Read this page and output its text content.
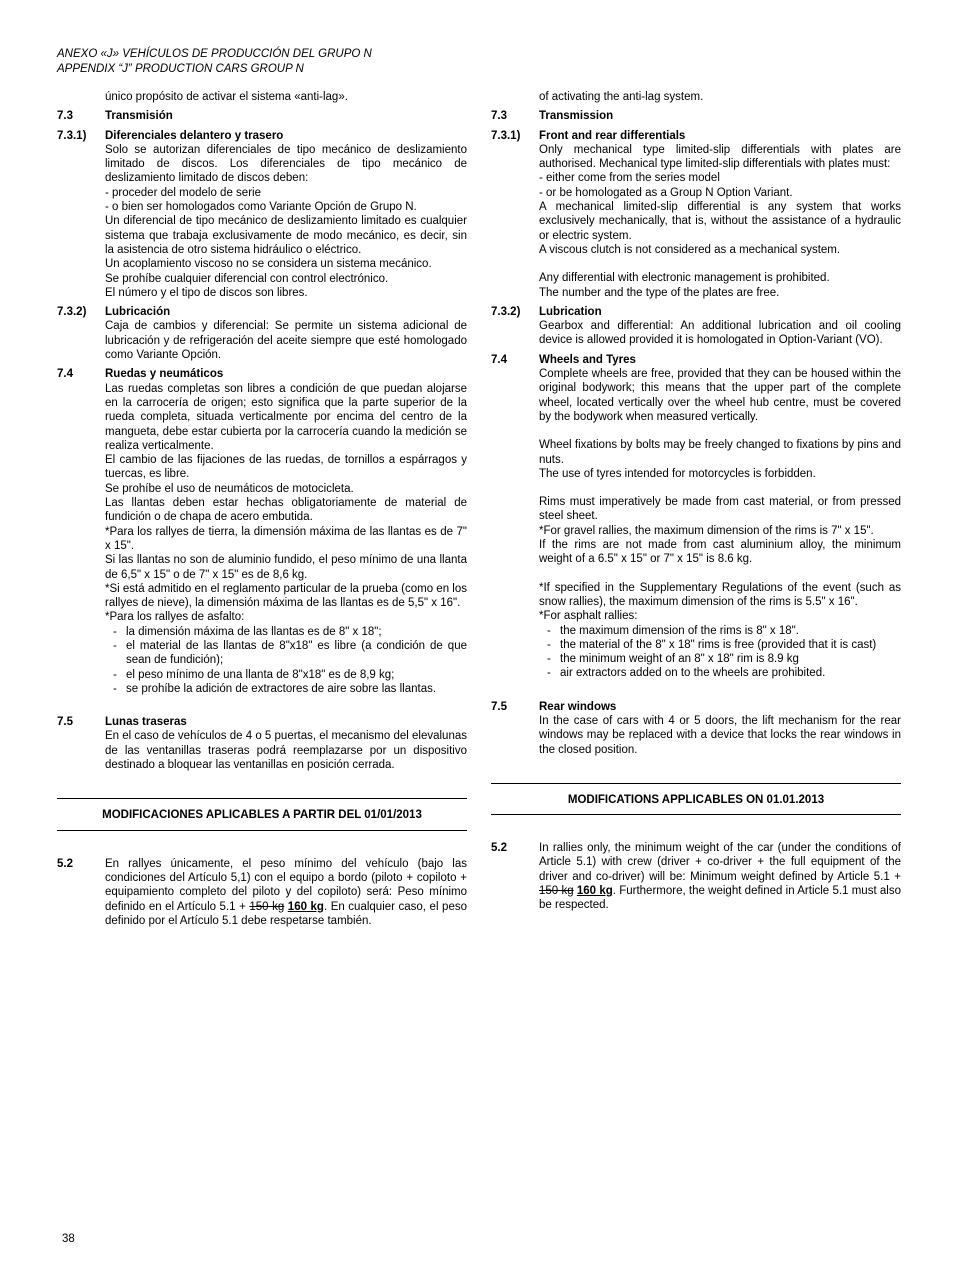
ANEXO «J» VEHÍCULOS DE PRODUCCIÓN DEL GRUPO N
APPENDIX “J” PRODUCTION CARS GROUP N
único propósito de activar el sistema «anti-lag».
7.3	Transmisión
7.3.1)	Diferenciales delantero y trasero
Solo se autorizan diferenciales de tipo mecánico de deslizamiento limitado de discos. Los diferenciales de tipo mecánico de deslizamiento limitado de discos deben:
- proceder del modelo de serie
- o bien ser homologados como Variante Opción de Grupo N.
Un diferencial de tipo mecánico de deslizamiento limitado es cualquier sistema que trabaja exclusivamente de modo mecánico, es decir, sin la asistencia de otro sistema hidráulico o eléctrico.
Un acoplamiento viscoso no se considera un sistema mecánico.
Se prohíbe cualquier diferencial con control electrónico.
El número y el tipo de discos son libres.
7.3.2)	Lubricación
Caja de cambios y diferencial: Se permite un sistema adicional de lubricación y de refrigeración del aceite siempre que esté homologado como Variante Opción.
7.4	Ruedas y neumáticos
Las ruedas completas son libres a condición de que puedan alojarse en la carrocería de origen; esto significa que la parte superior de la rueda completa, situada verticalmente por encima del centro de la mangueta, debe estar cubierta por la carrocería cuando la medición se realiza verticalmente.
El cambio de las fijaciones de las ruedas, de tornillos a espárragos y tuercas, es libre.
Se prohíbe el uso de neumáticos de motocicleta.
Las llantas deben estar hechas obligatoriamente de material de fundición o de chapa de acero embutida.
*Para los rallyes de tierra, la dimensión máxima de las llantas es de 7" x 15".
Si las llantas no son de aluminio fundido, el peso mínimo de una llanta de 6,5" x 15" o de 7" x 15" es de 8,6 kg.
*Si está admitido en el reglamento particular de la prueba (como en los rallyes de nieve), la dimensión máxima de las llantas es de 5,5" x 16".
*Para los rallyes de asfalto:
- la dimensión máxima de las llantas es de 8" x 18";
- el material de las llantas de 8"x18" es libre (a condición de que sean de fundición);
- el peso mínimo de una llanta de 8"x18" es de 8,9 kg;
- se prohíbe la adición de extractores de aire sobre las llantas.
7.5	Lunas traseras
En el caso de vehículos de 4 o 5 puertas, el mecanismo del elevalunas de las ventanillas traseras podrá reemplazarse por un dispositivo destinado a bloquear las ventanillas en posición cerrada.
MODIFICACIONES APLICABLES A PARTIR DEL 01/01/2013
5.2	En rallyes únicamente, el peso mínimo del vehículo (bajo las condiciones del Artículo 5,1) con el equipo a bordo (piloto + copiloto + equipamiento completo del piloto y del copiloto) será: Peso mínimo definido en el Artículo 5.1 + 150 kg 160 kg. En cualquier caso, el peso definido por el Artículo 5.1 debe respetarse también.
of activating the anti-lag system.
7.3	Transmission
7.3.1)	Front and rear differentials
Only mechanical type limited-slip differentials with plates are authorised. Mechanical type limited-slip differentials with plates must:
- either come from the series model
- or be homologated as a Group N Option Variant.
A mechanical limited-slip differential is any system that works exclusively mechanically, that is, without the assistance of a hydraulic or electric system.
A viscous clutch is not considered as a mechanical system.
Any differential with electronic management is prohibited.
The number and the type of the plates are free.
7.3.2)	Lubrication
Gearbox and differential: An additional lubrication and oil cooling device is allowed provided it is homologated in Option-Variant (VO).
7.4	Wheels and Tyres
Complete wheels are free, provided that they can be housed within the original bodywork; this means that the upper part of the complete wheel, located vertically over the wheel hub centre, must be covered by the bodywork when measured vertically.
Wheel fixations by bolts may be freely changed to fixations by pins and nuts.
The use of tyres intended for motorcycles is forbidden.
Rims must imperatively be made from cast material, or from pressed steel sheet.
*For gravel rallies, the maximum dimension of the rims is 7" x 15".
If the rims are not made from cast aluminium alloy, the minimum weight of a 6.5" x 15" or 7" x 15" is 8.6 kg.
*If specified in the Supplementary Regulations of the event (such as snow rallies), the maximum dimension of the rims is 5.5" x 16".
*For asphalt rallies:
- the maximum dimension of the rims is 8" x 18".
- the material of the 8" x 18" rims is free (provided that it is cast)
- the minimum weight of an 8" x 18" rim is 8.9 kg
- air extractors added on to the wheels are prohibited.
7.5	Rear windows
In the case of cars with 4 or 5 doors, the lift mechanism for the rear windows may be replaced with a device that locks the rear windows in the closed position.
MODIFICATIONS APPLICABLES ON 01.01.2013
5.2	In rallies only, the minimum weight of the car (under the conditions of Article 5.1) with crew (driver + co-driver + the full equipment of the driver and co-driver) will be: Minimum weight defined by Article 5.1 + 150 kg 160 kg. Furthermore, the weight defined in Article 5.1 must also be respected.
38
